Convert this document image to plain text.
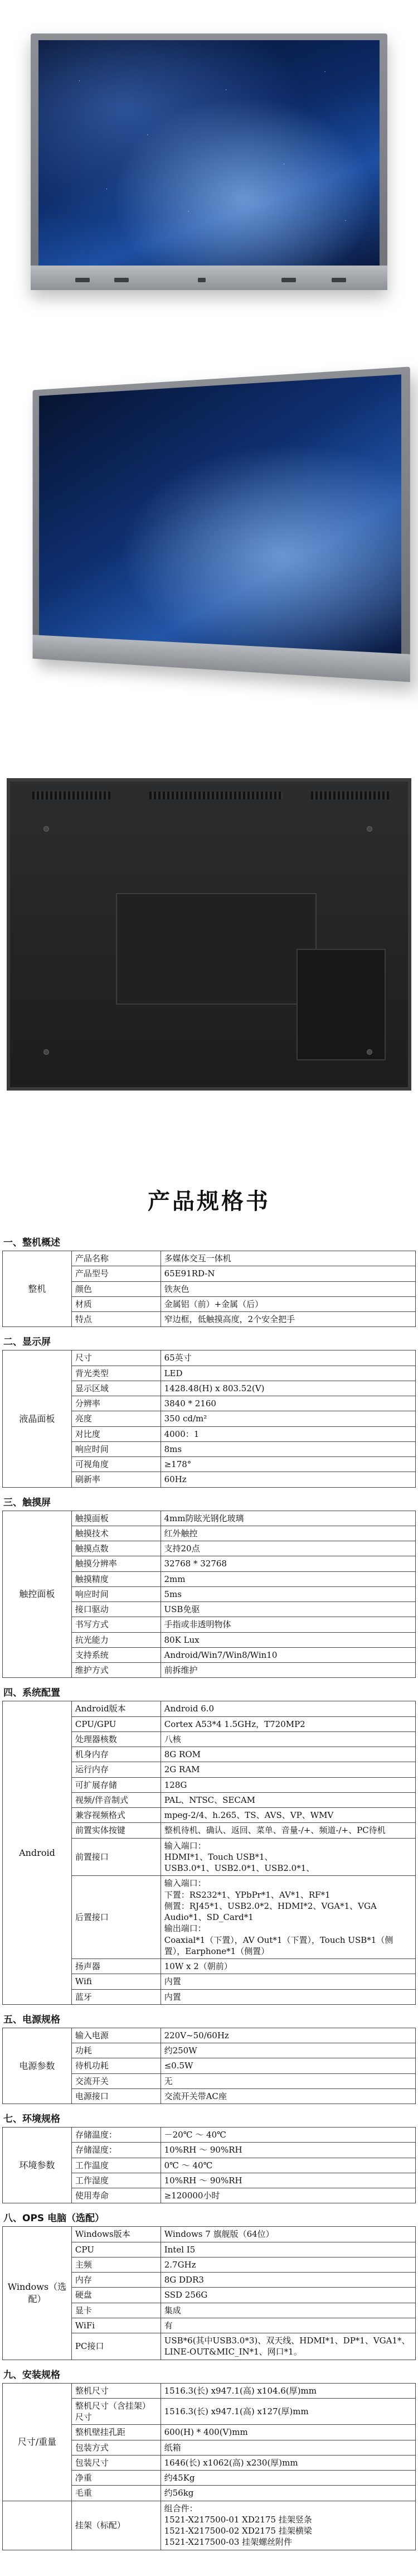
产品规格书
一、整机概述
整机	产品名称	多媒体交互一体机

	产品型号	65E91RD-N

	颜色	铁灰色

	材质	金属铝（前）+金属（后）

	特点	窄边框，低触摸高度，2个安全把手
二、显示屏
液晶面板	尺寸	65英寸

	背光类型	LED

	显示区域	1428.48(H) x 803.52(V)

	分辨率	3840 * 2160

	亮度	350 cd/m²

	对比度	4000：1

	响应时间	8ms

	可视角度	≥178°

	刷新率	60Hz
三、触摸屏
触控面板	触摸面板	4mm防眩光钢化玻璃

	触摸技术	红外触控

	触摸点数	支持20点

	触摸分辨率	32768 * 32768

	触摸精度	2mm

	响应时间	5ms

	接口驱动	USB免驱

	书写方式	手指或非透明物体

	抗光能力	80K Lux

	支持系统	Android/Win7/Win8/Win10

	维护方式	前拆维护
四、系统配置
Android	Android版本	Android 6.0

	CPU/GPU	Cortex A53*4 1.5GHz，T720MP2

	处理器核数	八核

	机身内存	8G ROM

	运行内存	2G RAM

	可扩展存储	128G

	视频/伴音制式	PAL、NTSC、SECAM

	兼容视频格式	mpeg-2/4、h.265、TS、AVS、VP、WMV

	前置实体按键	整机待机、确认、返回、菜单、音量-/+、频道-/+、PC待机

	前置接口	输入端口：
HDMI*1、Touch USB*1、
USB3.0*1、USB2.0*1、USB2.0*1、

	后置接口	输入端口：
下置：RS232*1、YPbPr*1、AV*1、RF*1
侧置：RJ45*1、USB2.0*2、HDMI*2、VGA*1、VGA Audio*1、SD_Card*1
输出端口：
Coaxial*1（下置），AV Out*1（下置），Touch USB*1（侧置），Earphone*1（侧置）

	扬声器	10W x 2（朝前）

	Wifi	内置

	蓝牙	内置
五、电源规格
电源参数	输入电源	220V~50/60Hz

	功耗	约250W

	待机功耗	≤0.5W

	交流开关	无

	电源接口	交流开关带AC座
七、环境规格
环境参数	存储温度：	－20℃ ～ 40℃

	存储湿度：	10%RH ～ 90%RH

	工作温度	0℃ ～ 40℃

	工作湿度	10%RH ～ 90%RH

	使用寿命	≥120000小时
八、OPS 电脑（选配）
Windows（选配）	Windows版本	Windows 7 旗舰版（64位）

	CPU	Intel I5

	主频	2.7GHz

	内存	8G DDR3

	硬盘	SSD 256G

	显卡	集成

	WiFi	有

	PC接口	USB*6(其中USB3.0*3)、双天线、HDMI*1、DP*1、VGA1*、LINE-OUT&MIC_IN*1、网口*1。
九、安装规格
尺寸/重量	整机尺寸	1516.3(长) x947.1(高) x104.6(厚)mm

	整机尺寸（含挂架）尺寸	1516.3(长) x947.1(高) x127(厚)mm

	整机壁挂孔距	600(H) * 400(V)mm

	包装方式	纸箱

	包装尺寸	1646(长) x1062(高) x230(厚)mm

	净重	约45Kg

	毛重	约56kg

	挂架（标配）	组合件：
1521-X217500-01 XD2175 挂架竖条
1521-X217500-02 XD2175 挂架横梁
1521-X217500-03 挂架螺丝附件
